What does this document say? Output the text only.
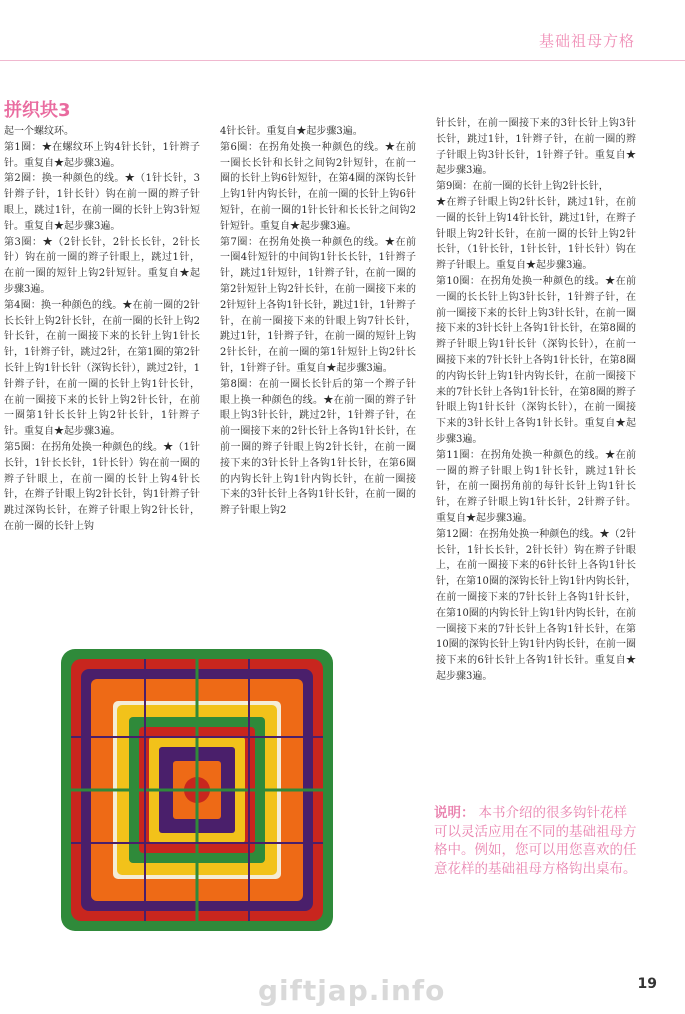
基础祖母方格
拼织块3

起一个螺纹环。

第1圈：★在螺纹环上钩4针长针，1针辫子针。重复自★起步骤3遍。

第2圈：换一种颜色的线。★（1针长针，3针辫子针，1针长针）钩在前一圈的辫子针眼上，跳过1针，在前一圈的长针上钩3针短针。重复自★起步骤3遍。

第3圈：★（2针长针，2针长长针，2针长针）钩在前一圈的辫子针眼上，跳过1针，在前一圈的短针上钩2针短针。重复自★起步骤3遍。

第4圈：换一种颜色的线。★在前一圈的2针长长针上钩2针长针，在前一圈的长针上钩2针长针，在前一圈接下来的长针上钩1针长针，1针辫子针，跳过2针，在第1圈的第2针长针上钩1针长针（深钩长针），跳过2针，1针辫子针，在前一圈的长针上钩1针长针，在前一圈接下来的长针上钩2针长针，在前一圈第1针长长针上钩2针长针，1针辫子针。重复自★起步骤3遍。

第5圈：在拐角处换一种颜色的线。★（1针长针，1针长长针，1针长针）钩在前一圈的辫子针眼上，在前一圈的长针上钩4针长针，在辫子针眼上钩2针长针，钩1针辫子针跳过深钩长针，在辫子针眼上钩2针长针，在前一圈的长针上钩

4针长针。重复自★起步骤3遍。

第6圈：在拐角处换一种颜色的线。★在前一圈长长针和长针之间钩2针短针，在前一圈的长针上钩6针短针，在第4圈的深钩长针上钩1针内钩长针，在前一圈的长针上钩6针短针，在前一圈的1针长针和长长针之间钩2针短针。重复自★起步骤3遍。

第7圈：在拐角处换一种颜色的线。★在前一圈4针短针的中间钩1针长长针，1针辫子针，跳过1针短针，1针辫子针，在前一圈的第2针短针上钩2针长针，在前一圈接下来的2针短针上各钩1针长针，跳过1针，1针辫子针，在前一圈接下来的针眼上钩7针长针，跳过1针，1针辫子针，在前一圈的短针上钩2针长针，在前一圈的第1针短针上钩2针长针，1针辫子针。重复自★起步骤3遍。

第8圈：在前一圈长长针后的第一个辫子针眼上换一种颜色的线。★在前一圈的辫子针眼上钩3针长针，跳过2针，1针辫子针，在前一圈接下来的2针长针上各钩1针长针，在前一圈的辫子针眼上钩2针长针，在前一圈接下来的3针长针上各钩1针长针，在第6圈的内钩长针上钩1针内钩长针，在前一圈接下来的3针长针上各钩1针长针，在前一圈的辫子针眼上钩2

针长针，在前一圈接下来的3针长针上钩3针长针，跳过1针，1针辫子针，在前一圈的辫子针眼上钩3针长针，1针辫子针。重复自★起步骤3遍。

第9圈：在前一圈的长针上钩2针长针，

★在辫子针眼上钩2针长针，跳过1针，在前一圈的长针上钩14针长针，跳过1针，在辫子针眼上钩2针长针，在前一圈的长针上钩2针长针，（1针长针，1针长针，1针长针）钩在辫子针眼上。重复自★起步骤3遍。

第10圈：在拐角处换一种颜色的线。★在前一圈的长长针上钩3针长针，1针辫子针，在前一圈接下来的长针上钩3针长针，在前一圈接下来的3针长针上各钩1针长针，在第8圈的辫子针眼上钩1针长针（深钩长针），在前一圈接下来的7针长针上各钩1针长针，在第8圈的内钩长针上钩1针内钩长针，在前一圈接下来的7针长针上各钩1针长针，在第8圈的辫子针眼上钩1针长针（深钩长针），在前一圈接下来的3针长针上各钩1针长针。重复自★起步骤3遍。

第11圈：在拐角处换一种颜色的线。★在前一圈的辫子针眼上钩1针长针，跳过1针长针，在前一圈拐角前的每针长针上钩1针长针，在辫子针眼上钩1针长针，2针辫子针。重复自★起步骤3遍。

第12圈：在拐角处换一种颜色的线。★（2针长针，1针长长针，2针长针）钩在辫子针眼上，在前一圈接下来的6针长针上各钩1针长针，在第10圈的深钩长针上钩1针内钩长针，在前一圈接下来的7针长针上各钩1针长针，在第10圈的内钩长针上钩1针内钩长针，在前一圈接下来的7针长针上各钩1针长针，在第10圈的深钩长针上钩1针内钩长针，在前一圈接下来的6针长针上各钩1针长针。重复自★起步骤3遍。

说明： 本书介绍的很多钩针花样可以灵活应用在不同的基础祖母方格中。例如，您可以用您喜欢的任意花样的基础祖母方格钩出桌布。
giftjap.info	19
